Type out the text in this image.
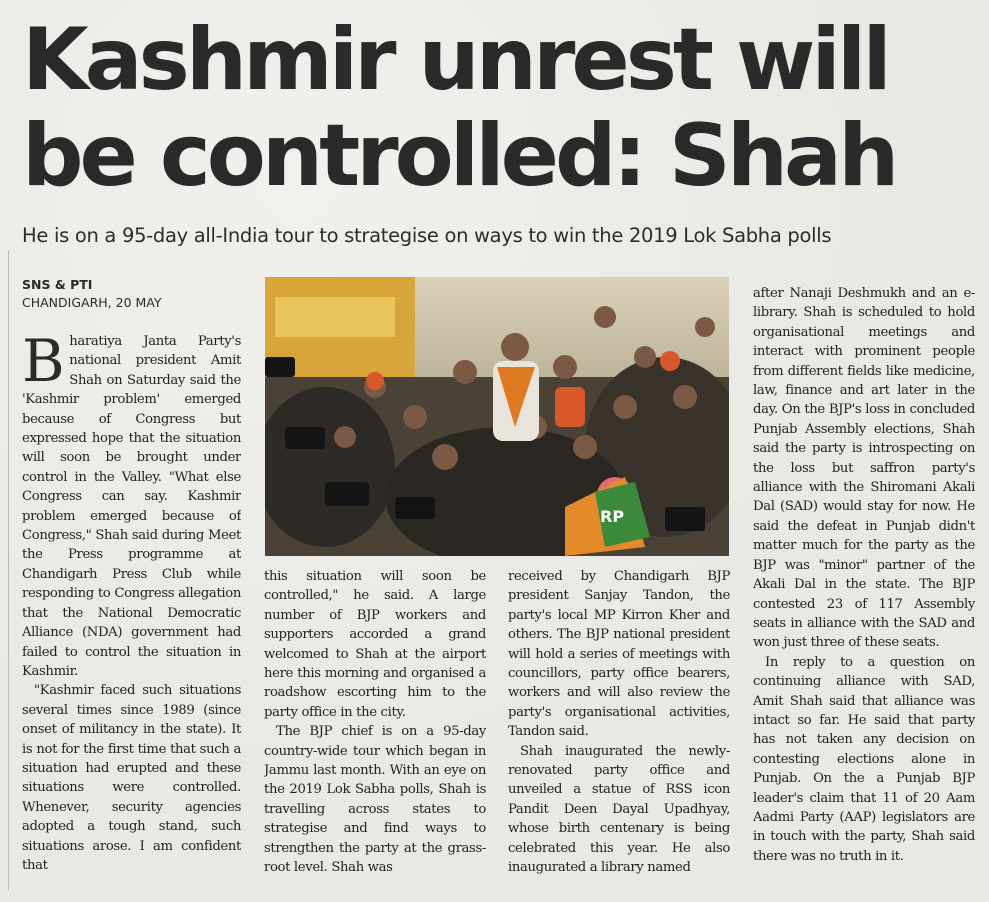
Kashmir unrest will be controlled: Shah

He is on a 95-day all-India tour to strategise on ways to win the 2019 Lok Sabha polls

SNS & PTI
CHANDIGARH, 20 MAY

Bharatiya Janta Party's national president Amit Shah on Saturday said the 'Kashmir problem' emerged because of Congress but expressed hope that the situation will soon be brought under control in the Valley. "What else Congress can say. Kashmir problem emerged because of Congress," Shah said during Meet the Press programme at Chandigarh Press Club while responding to Congress allegation that the National Democratic Alliance (NDA) government had failed to control the situation in Kashmir.

"Kashmir faced such situations several times since 1989 (since onset of militancy in the state). It is not for the first time that such a situation had erupted and these situations were controlled. Whenever, security agencies adopted a tough stand, such situations arose. I am confident that

RP

this situation will soon be controlled," he said. A large number of BJP workers and supporters accorded a grand welcomed to Shah at the airport here this morning and organised a roadshow escorting him to the party office in the city.

The BJP chief is on a 95-day country-wide tour which began in Jammu last month. With an eye on the 2019 Lok Sabha polls, Shah is travelling across states to strategise and find ways to strengthen the party at the grass-root level. Shah was

received by Chandigarh BJP president Sanjay Tandon, the party's local MP Kirron Kher and others. The BJP national president will hold a series of meetings with councillors, party office bearers, workers and will also review the party's organisational activities, Tandon said.

Shah inaugurated the newly-renovated party office and unveiled a statue of RSS icon Pandit Deen Dayal Upadhyay, whose birth centenary is being celebrated this year. He also inaugurated a library named

after Nanaji Deshmukh and an e-library. Shah is scheduled to hold organisational meetings and interact with prominent people from different fields like medicine, law, finance and art later in the day. On the BJP's loss in concluded Punjab Assembly elections, Shah said the party is introspecting on the loss but saffron party's alliance with the Shiromani Akali Dal (SAD) would stay for now. He said the defeat in Punjab didn't matter much for the party as the BJP was "minor" partner of the Akali Dal in the state. The BJP contested 23 of 117 Assembly seats in alliance with the SAD and won just three of these seats.

In reply to a question on continuing alliance with SAD, Amit Shah said that alliance was intact so far. He said that party has not taken any decision on contesting elections alone in Punjab. On the a Punjab BJP leader's claim that 11 of 20 Aam Aadmi Party (AAP) legislators are in touch with the party, Shah said there was no truth in it.
